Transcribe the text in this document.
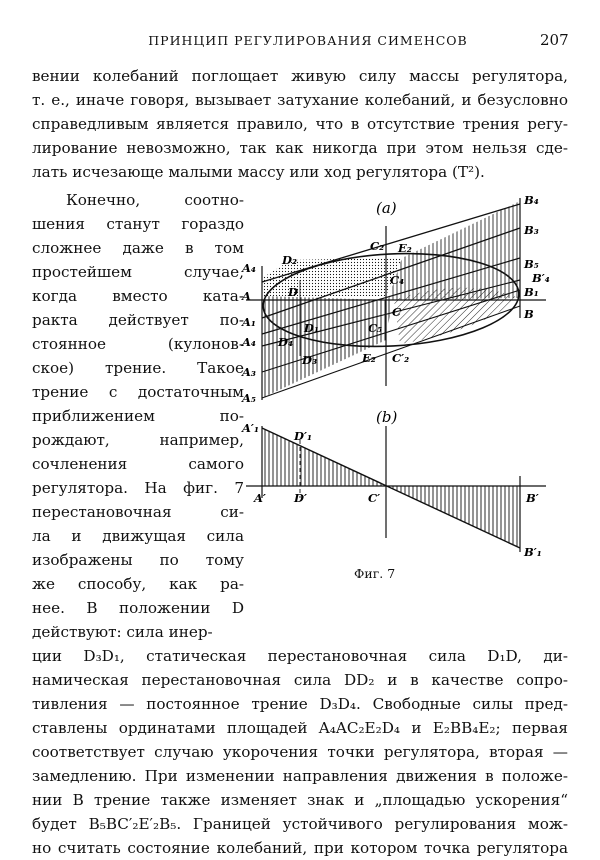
ПРИНЦИП РЕГУЛИРОВАНИЯ СИМЕНСОВ	207
вении колебаний поглощает живую силу массы регулятора,
т. е., иначе говоря, вызывает затухание колебаний, и безусловно
справедливым является правило, что в отсутствие трения регу-
лирование невозможно, так как никогда при этом нельзя сде-
лать исчезающе малыми массу или ход регулятора (T²).
Конечно, соотно-
шения станут гораздо
сложнее даже в том
простейшем случае,
когда вместо ката-
ракта действует по-
стоянное (кулонов-
ское) трение. Такое
трение с достаточным
приближением по-
рождают, например,
сочленения самого
регулятора. На фиг. 7
перестановочная си-
ла и движущая сила
изображены по тому
же способу, как ра-
нее. В положении D
действуют: сила инер-
ции D₃D₁, статическая перестановочная сила D₁D, ди-
намическая перестановочная сила DD₂ и в качестве сопро-
тивления — постоянное трение D₃D₄. Свободные силы пред-
ставлены ординатами площадей A₄AC₂E₂D₄ и E₂BB₄E₂; первая
соответствует случаю укорочения точки регулятора, вторая —
замедлению. При изменении направления движения в положе-
нии B трение также изменяет знак и „площадью ускорения“
будет B₅BC′₂E′₂B₅. Границей устойчивого регулирования мож-
но считать состояние колебаний, при котором точка регулятора
(a)
A₄
D₂
C₂ E₂
B₄
B₃
B₅
B′₄
B₁
B
A	D
C₄
C
A₁	D₁	C₅
A₄ D₄
D₃	E₂ C′₂
A₃
A₅
(b)
A′₁
D′₁
A′ D′	C′	B′
B′₁
Фиг. 7
